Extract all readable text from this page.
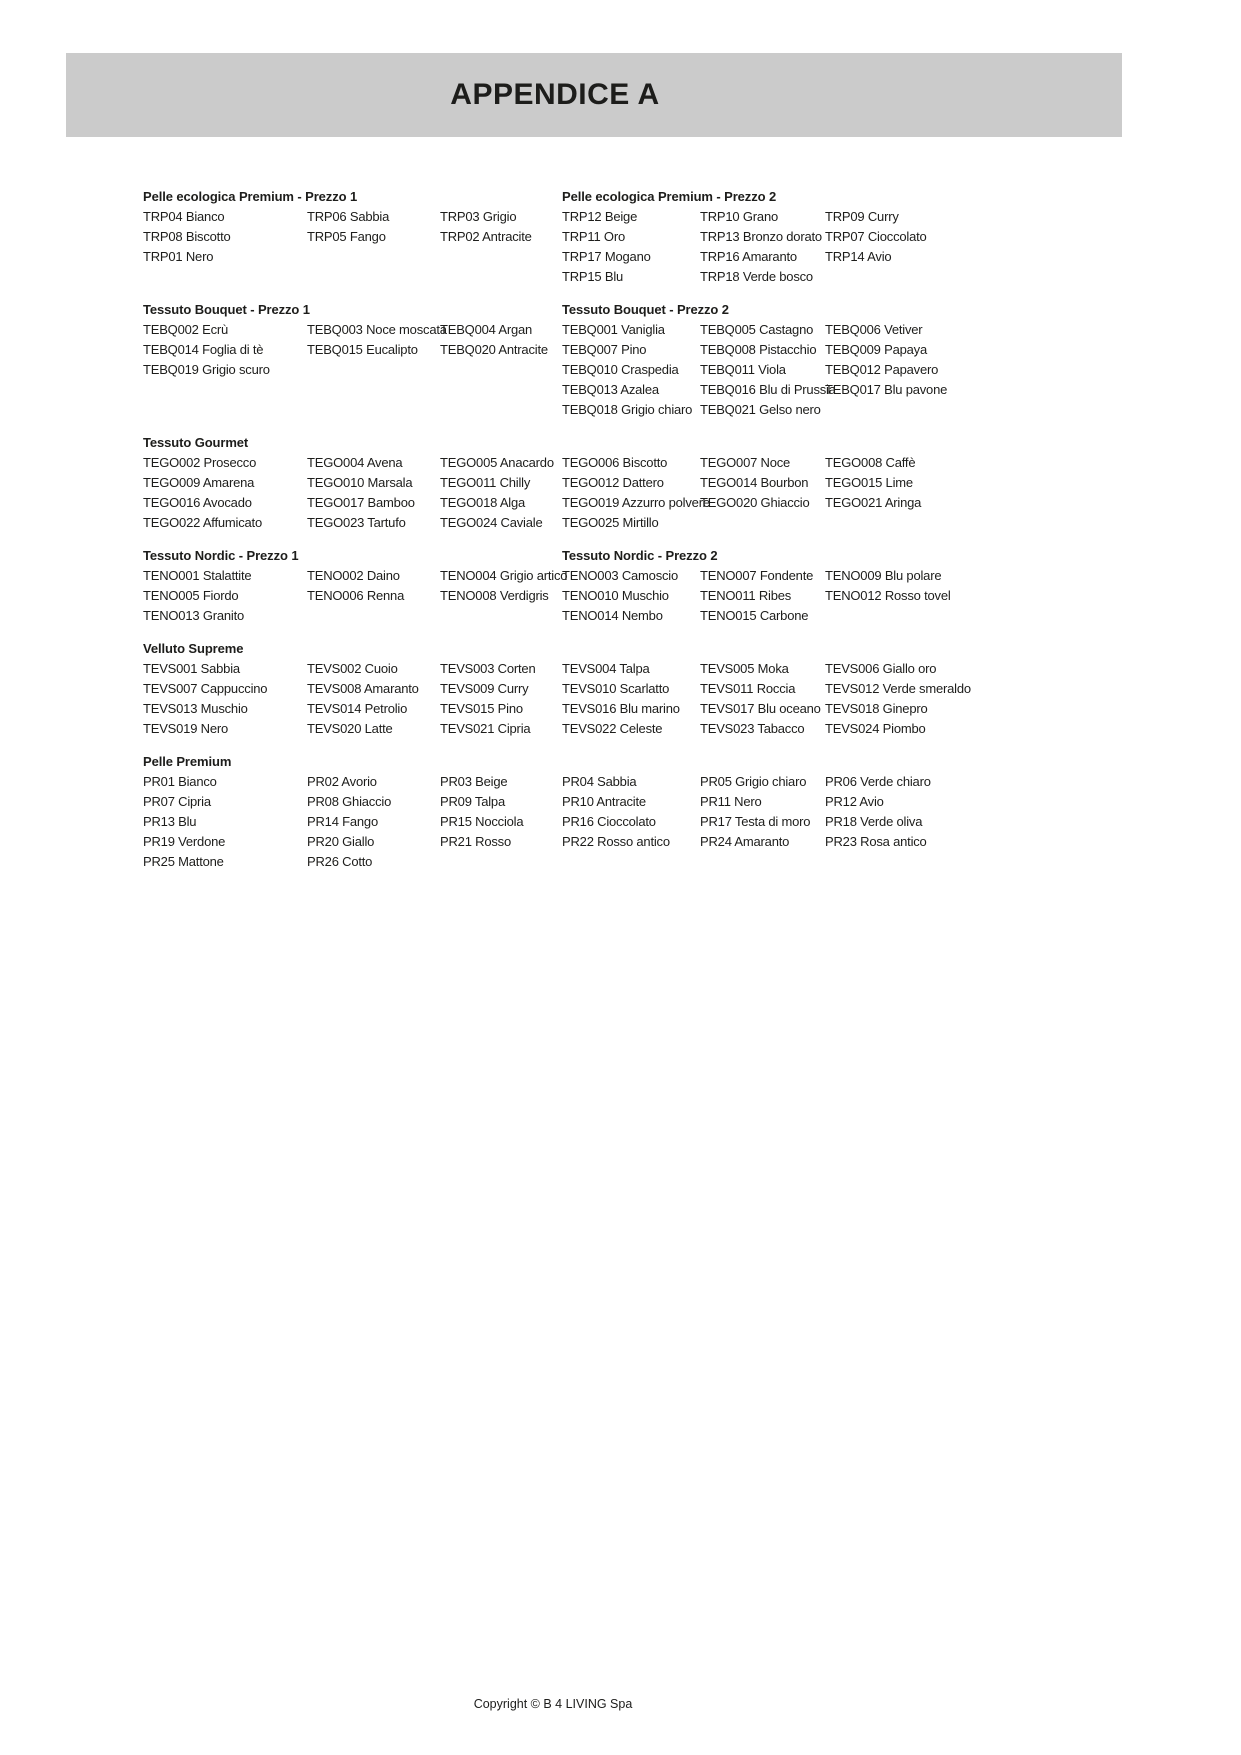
APPENDICE A
Pelle ecologica Premium - Prezzo 1
TRP04 Bianco
TRP08 Biscotto
TRP01 Nero
TRP06 Sabbia
TRP05 Fango
TRP03 Grigio
TRP02 Antracite
Pelle ecologica Premium - Prezzo 2
TRP12 Beige
TRP11 Oro
TRP17 Mogano
TRP15 Blu
TRP10 Grano
TRP13 Bronzo dorato
TRP16 Amaranto
TRP18 Verde bosco
TRP09 Curry
TRP07 Cioccolato
TRP14 Avio
Tessuto Bouquet - Prezzo 1
TEBQ002 Ecrù
TEBQ014 Foglia di tè
TEBQ019 Grigio scuro
TEBQ003 Noce moscata
TEBQ015 Eucalipto
TEBQ004 Argan
TEBQ020 Antracite
Tessuto Bouquet - Prezzo 2
TEBQ001 Vaniglia
TEBQ007 Pino
TEBQ010 Craspedia
TEBQ013 Azalea
TEBQ018 Grigio chiaro
TEBQ005 Castagno
TEBQ008 Pistacchio
TEBQ011 Viola
TEBQ016 Blu di Prussia
TEBQ021 Gelso nero
TEBQ006 Vetiver
TEBQ009 Papaya
TEBQ012 Papavero
TEBQ017 Blu pavone
Tessuto Gourmet
TEGO002 Prosecco
TEGO009 Amarena
TEGO016 Avocado
TEGO022 Affumicato
TEGO004 Avena
TEGO010 Marsala
TEGO017 Bamboo
TEGO023 Tartufo
TEGO005 Anacardo
TEGO011 Chilly
TEGO018 Alga
TEGO024 Caviale
TEGO006 Biscotto
TEGO012 Dattero
TEGO019 Azzurro polvere
TEGO025 Mirtillo
TEGO007 Noce
TEGO014 Bourbon
TEGO020 Ghiaccio
TEGO008 Caffè
TEGO015 Lime
TEGO021 Aringa
Tessuto Nordic - Prezzo 1
TENO001 Stalattite
TENO005 Fiordo
TENO013 Granito
TENO002 Daino
TENO006 Renna
TENO004 Grigio artico
TENO008 Verdigris
Tessuto Nordic - Prezzo 2
TENO003 Camoscio
TENO010 Muschio
TENO014 Nembo
TENO007 Fondente
TENO011 Ribes
TENO015 Carbone
TENO009 Blu polare
TENO012 Rosso tovel
Velluto Supreme
TEVS001 Sabbia
TEVS007 Cappuccino
TEVS013 Muschio
TEVS019 Nero
TEVS002 Cuoio
TEVS008 Amaranto
TEVS014 Petrolio
TEVS020 Latte
TEVS003 Corten
TEVS009 Curry
TEVS015 Pino
TEVS021 Cipria
TEVS004 Talpa
TEVS010 Scarlatto
TEVS016 Blu marino
TEVS022 Celeste
TEVS005 Moka
TEVS011 Roccia
TEVS017 Blu oceano
TEVS023 Tabacco
TEVS006 Giallo oro
TEVS012 Verde smeraldo
TEVS018 Ginepro
TEVS024 Piombo
Pelle Premium
PR01 Bianco
PR07 Cipria
PR13 Blu
PR19 Verdone
PR25 Mattone
PR02 Avorio
PR08 Ghiaccio
PR14 Fango
PR20 Giallo
PR26 Cotto
PR03 Beige
PR09 Talpa
PR15 Nocciola
PR21 Rosso
PR04 Sabbia
PR10 Antracite
PR16 Cioccolato
PR22 Rosso antico
PR05 Grigio chiaro
PR11 Nero
PR17 Testa di moro
PR24 Amaranto
PR06 Verde chiaro
PR12 Avio
PR18 Verde oliva
PR23 Rosa antico
Copyright © B 4 LIVING Spa
